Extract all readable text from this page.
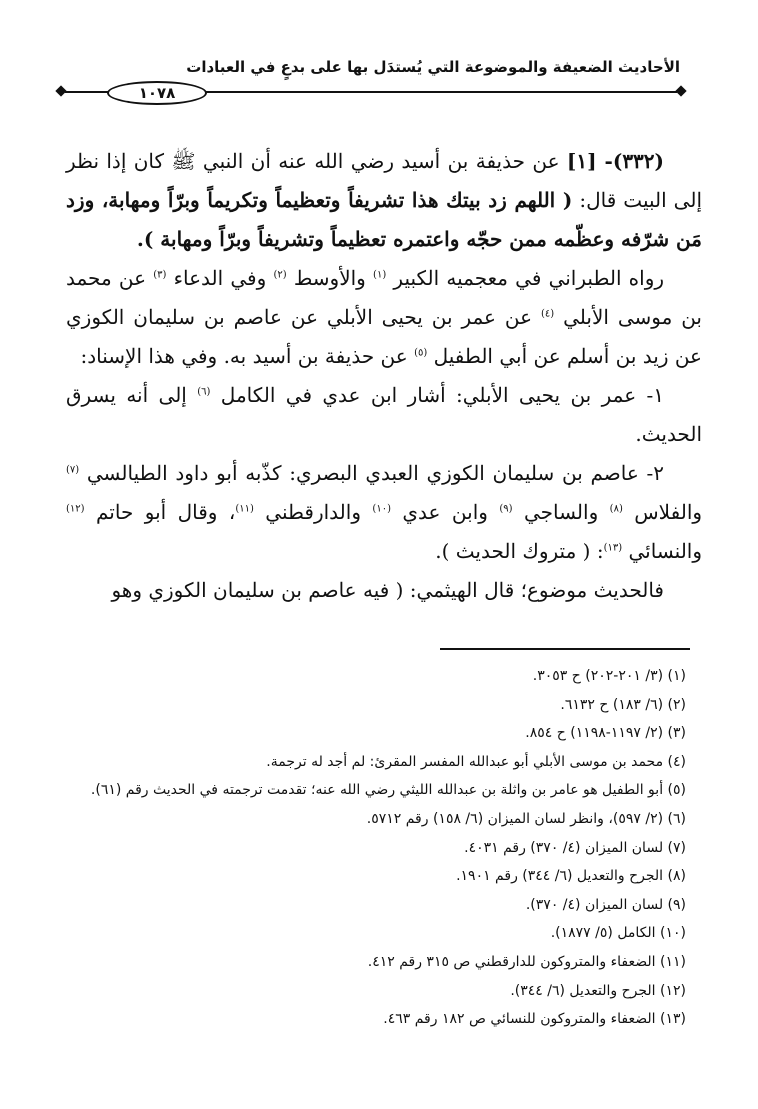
الأحاديث الضعيفة والموضوعة التي يُستدَل بها على بدعٍ في العبادات
١٠٧٨

(٣٣٢)- [١] عن حذيفة بن أسيد رضي الله عنه أن النبي ﷺ كان إذا نظر إلى البيت قال: ( اللهم زد بيتك هذا تشريفاً وتعظيماً وتكريماً وبرّاً ومهابة، وزد مَن شرّفه وعظّمه ممن حجّه واعتمره تعظيماً وتشريفاً وبرّاً ومهابة ).

رواه الطبراني في معجميه الكبير $^{(١)}$ والأوسط $^{(٢)}$ وفي الدعاء $^{(٣)}$ عن محمد بن موسى الأبلي $^{(٤)}$ عن عمر بن يحيى الأبلي عن عاصم بن سليمان الكوزي عن زيد بن أسلم عن أبي الطفيل $^{(٥)}$ عن حذيفة بن أسيد به. وفي هذا الإسناد:

١- عمر بن يحيى الأبلي: أشار ابن عدي في الكامل $^{(٦)}$ إلى أنه يسرق الحديث.

٢- عاصم بن سليمان الكوزي العبدي البصري: كذّبه أبو داود الطيالسي $^{(٧)}$ والفلاس $^{(٨)}$ والساجي $^{(٩)}$ وابن عدي $^{(١٠)}$ والدارقطني $^{(١١)}$، وقال أبو حاتم $^{(١٢)}$ والنسائي $^{(١٣)}$: ( متروك الحديث ).

فالحديث موضوع؛ قال الهيثمي: ( فيه عاصم بن سليمان الكوزي وهو

(١) (٣/ ٢٠١-٢٠٢) ح ٣٠٥٣.
(٢) (٦/ ١٨٣) ح ٦١٣٢.
(٣) (٢/ ١١٩٧-١١٩٨) ح ٨٥٤.
(٤) محمد بن موسى الأبلي أبو عبدالله المفسر المقرئ: لم أجد له ترجمة.
(٥) أبو الطفيل هو عامر بن واثلة بن عبدالله الليثي رضي الله عنه؛ تقدمت ترجمته في الحديث رقم (٦١).
(٦) (٢/ ٥٩٧)، وانظر لسان الميزان (٦/ ١٥٨) رقم ٥٧١٢.
(٧) لسان الميزان (٤/ ٣٧٠) رقم ٤٠٣١.
(٨) الجرح والتعديل (٦/ ٣٤٤) رقم ١٩٠١.
(٩) لسان الميزان (٤/ ٣٧٠).
(١٠) الكامل (٥/ ١٨٧٧).
(١١) الضعفاء والمتروكون للدارقطني ص ٣١٥ رقم ٤١٢.
(١٢) الجرح والتعديل (٦/ ٣٤٤).
(١٣) الضعفاء والمتروكون للنسائي ص ١٨٢ رقم ٤٦٣.
